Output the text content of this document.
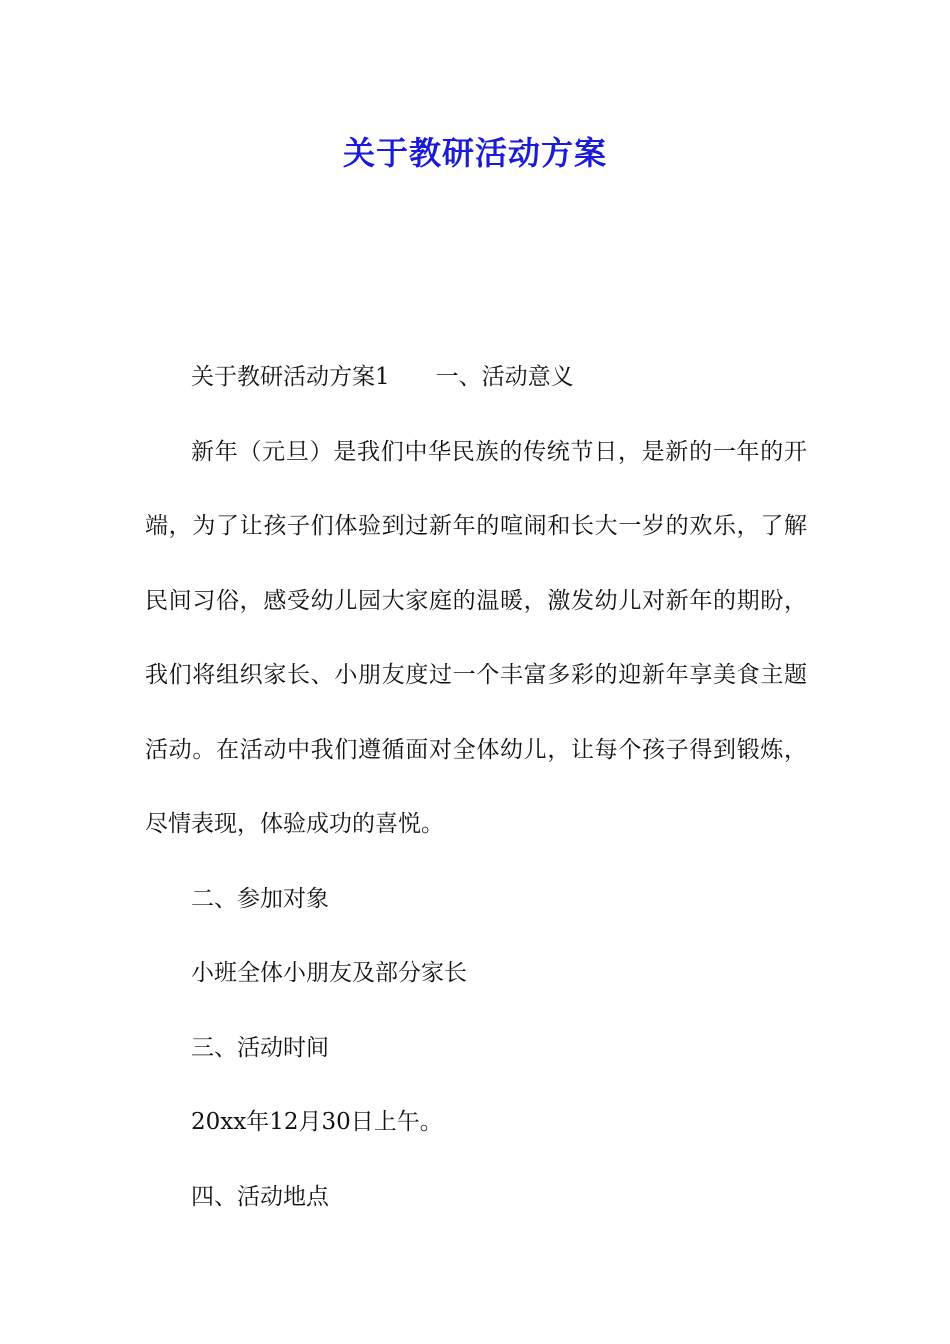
关于教研活动方案

关于教研活动方案1　　一、活动意义

新年（元旦）是我们中华民族的传统节日，是新的一年的开端，为了让孩子们体验到过新年的喧闹和长大一岁的欢乐，了解民间习俗，感受幼儿园大家庭的温暖，激发幼儿对新年的期盼，我们将组织家长、小朋友度过一个丰富多彩的迎新年享美食主题活动。在活动中我们遵循面对全体幼儿，让每个孩子得到锻炼，尽情表现，体验成功的喜悦。

二、参加对象

小班全体小朋友及部分家长

三、活动时间

20xx年12月30日上午。

四、活动地点
